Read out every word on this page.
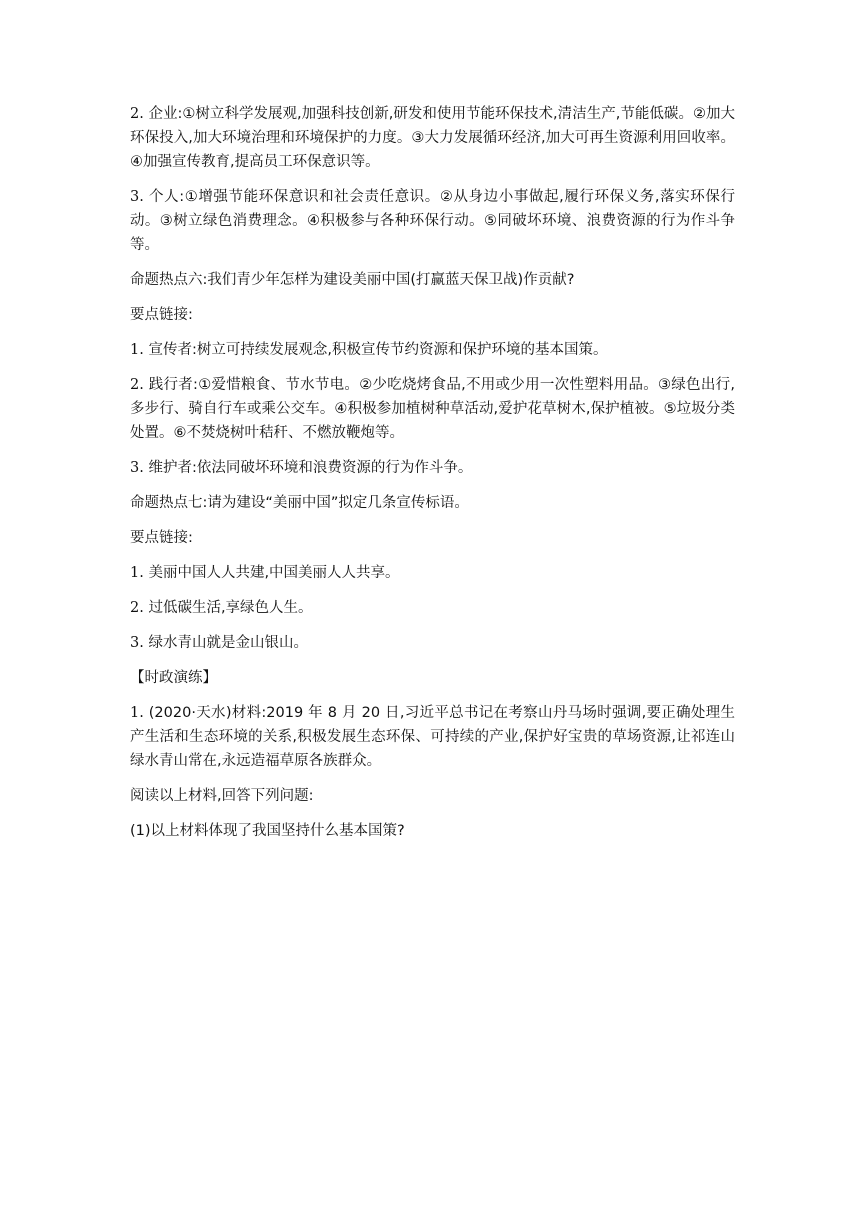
2. 企业:①树立科学发展观,加强科技创新,研发和使用节能环保技术,清洁生产,节能低碳。②加大环保投入,加大环境治理和环境保护的力度。③大力发展循环经济,加大可再生资源利用回收率。④加强宣传教育,提高员工环保意识等。

3. 个人:①增强节能环保意识和社会责任意识。②从身边小事做起,履行环保义务,落实环保行动。③树立绿色消费理念。④积极参与各种环保行动。⑤同破坏环境、浪费资源的行为作斗争等。

命题热点六:我们青少年怎样为建设美丽中国(打赢蓝天保卫战)作贡献?

要点链接:

1. 宣传者:树立可持续发展观念,积极宣传节约资源和保护环境的基本国策。

2. 践行者:①爱惜粮食、节水节电。②少吃烧烤食品,不用或少用一次性塑料用品。③绿色出行,多步行、骑自行车或乘公交车。④积极参加植树种草活动,爱护花草树木,保护植被。⑤垃圾分类处置。⑥不焚烧树叶秸秆、不燃放鞭炮等。

3. 维护者:依法同破坏环境和浪费资源的行为作斗争。

命题热点七:请为建设“美丽中国”拟定几条宣传标语。

要点链接:

1. 美丽中国人人共建,中国美丽人人共享。

2. 过低碳生活,享绿色人生。

3. 绿水青山就是金山银山。

【时政演练】

1. (2020·天水)材料:2019 年 8 月 20 日,习近平总书记在考察山丹马场时强调,要正确处理生产生活和生态环境的关系,积极发展生态环保、可持续的产业,保护好宝贵的草场资源,让祁连山绿水青山常在,永远造福草原各族群众。

阅读以上材料,回答下列问题:

(1)以上材料体现了我国坚持什么基本国策?
